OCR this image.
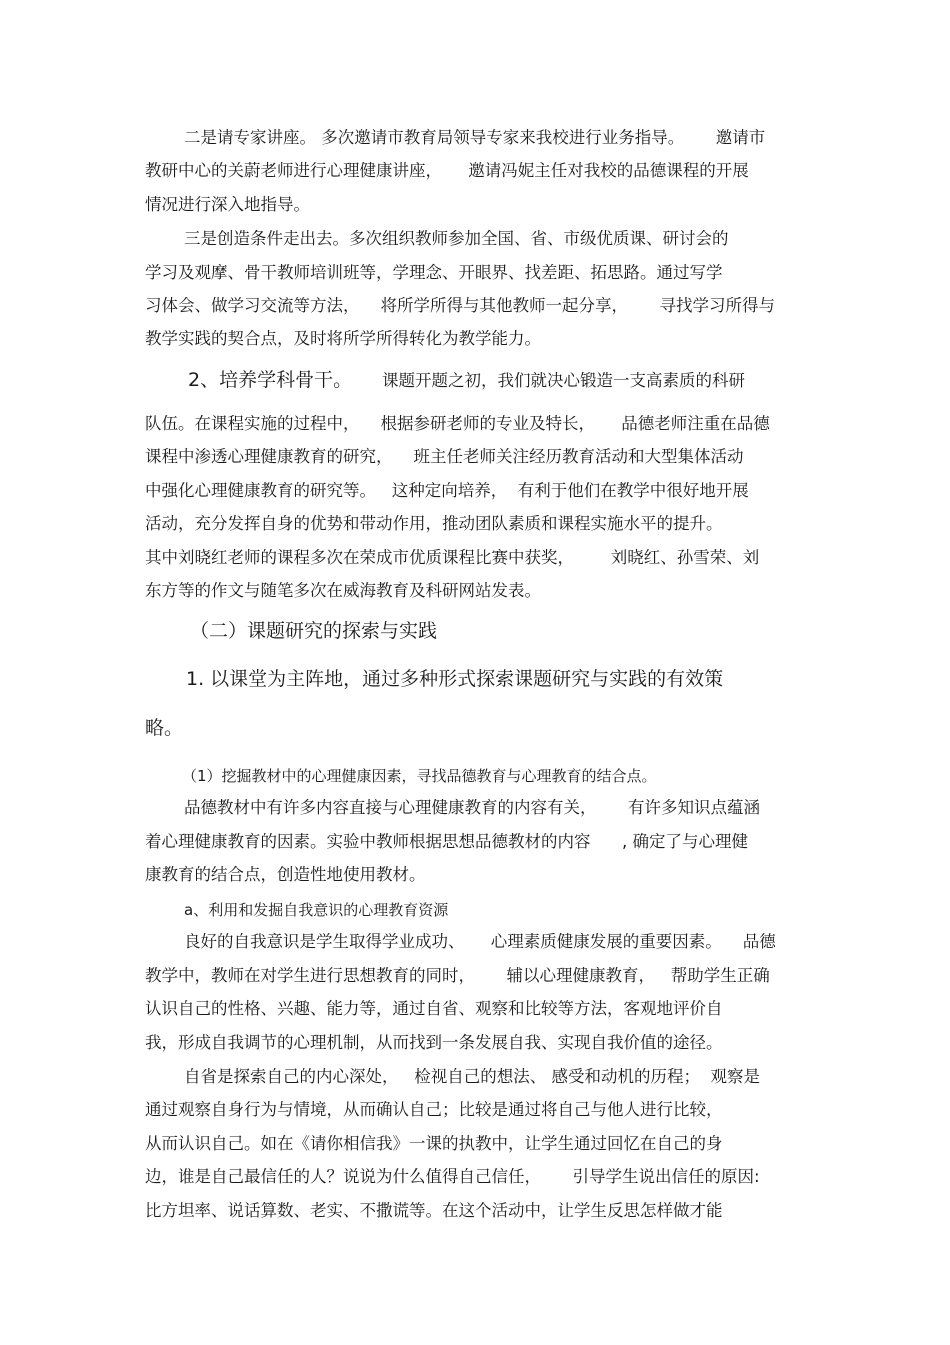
二是请专家讲座。 多次邀请市教育局领导专家来我校进行业务指导。      邀请市
教研中心的关蔚老师进行心理健康讲座，     邀请冯妮主任对我校的品德课程的开展
情况进行深入地指导。
三是创造条件走出去。多次组织教师参加全国、省、市级优质课、研讨会的
学习及观摩、骨干教师培训班等，学理念、开眼界、找差距、拓思路。通过写学
习体会、做学习交流等方法，    将所学所得与其他教师一起分享，      寻找学习所得与
教学实践的契合点，及时将所学所得转化为教学能力。
2、培养学科骨干。 课题开题之初，我们就决心锻造一支高素质的科研
队伍。在课程实施的过程中，    根据参研老师的专业及特长，     品德老师注重在品德
课程中渗透心理健康教育的研究，    班主任老师关注经历教育活动和大型集体活动
中强化心理健康教育的研究等。   这种定向培养，  有利于他们在教学中很好地开展
活动，充分发挥自身的优势和带动作用，推动团队素质和课程实施水平的提升。
其中刘晓红老师的课程多次在荣成市优质课程比赛中获奖，       刘晓红、孙雪荣、刘
东方等的作文与随笔多次在威海教育及科研网站发表。
（二）课题研究的探索与实践
1. 以课堂为主阵地，通过多种形式探索课题研究与实践的有效策
略。
（1）挖掘教材中的心理健康因素，寻找品德教育与心理教育的结合点。
品德教材中有许多内容直接与心理健康教育的内容有关，      有许多知识点蕴涵
着心理健康教育的因素。实验中教师根据思想品德教材的内容      , 确定了与心理健
康教育的结合点，创造性地使用教材。
a、利用和发掘自我意识的心理教育资源
良好的自我意识是学生取得学业成功、     心理素质健康发展的重要因素。    品德
教学中，教师在对学生进行思想教育的同时，      辅以心理健康教育，   帮助学生正确
认识自己的性格、兴趣、能力等，通过自省、观察和比较等方法，客观地评价自
我，形成自我调节的心理机制，从而找到一条发展自我、实现自我价值的途径。
自省是探索自己的内心深处，   检视自己的想法、 感受和动机的历程；  观察是
通过观察自身行为与情境，从而确认自己；比较是通过将自己与他人进行比较，
从而认识自己。如在《请你相信我》一课的执教中，让学生通过回忆在自己的身
边，谁是自己最信任的人？说说为什么值得自己信任，      引导学生说出信任的原因:
比方坦率、说话算数、老实、不撒谎等。在这个活动中，让学生反思怎样做才能
